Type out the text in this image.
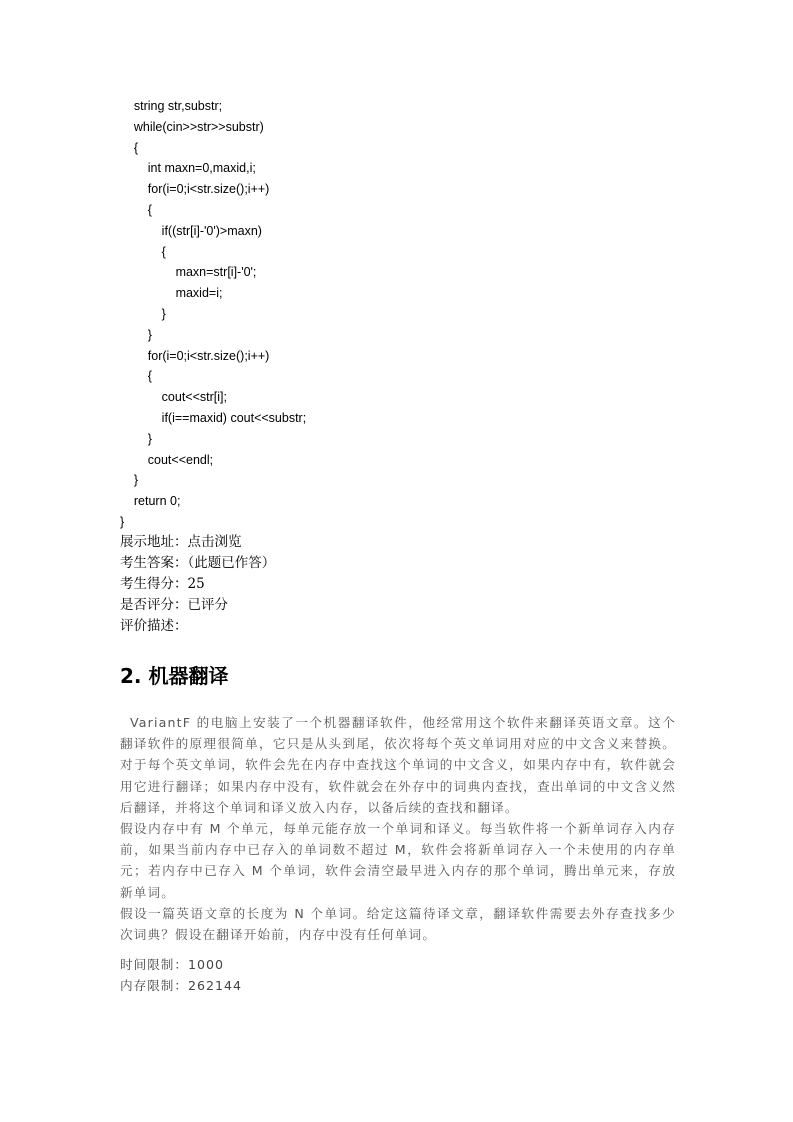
string str,substr;
while(cin>>str>>substr)
{
int maxn=0,maxid,i;
for(i=0;i<str.size();i++)
{
if((str[i]-'0')>maxn)
{
maxn=str[i]-'0';
maxid=i;
}
}
for(i=0;i<str.size();i++)
{
cout<<str[i];
if(i==maxid) cout<<substr;
}
cout<<endl;
}
return 0;
}
展示地址：点击浏览
考生答案：（此题已作答）
考生得分：25
是否评分：已评分
评价描述：
2. 机器翻译

VariantF 的电脑上安装了一个机器翻译软件，他经常用这个软件来翻译英语文章。这个翻译软件的原理很简单，它只是从头到尾，依次将每个英文单词用对应的中文含义来替换。对于每个英文单词，软件会先在内存中查找这个单词的中文含义，如果内存中有，软件就会用它进行翻译；如果内存中没有，软件就会在外存中的词典内查找，查出单词的中文含义然后翻译，并将这个单词和译义放入内存，以备后续的查找和翻译。

假设内存中有 M 个单元，每单元能存放一个单词和译义。每当软件将一个新单词存入内存前，如果当前内存中已存入的单词数不超过 M，软件会将新单词存入一个未使用的内存单元；若内存中已存入 M 个单词，软件会清空最早进入内存的那个单词，腾出单元来，存放新单词。

假设一篇英语文章的长度为 N 个单词。给定这篇待译文章，翻译软件需要去外存查找多少次词典？假设在翻译开始前，内存中没有任何单词。

时间限制：1000
内存限制：262144
